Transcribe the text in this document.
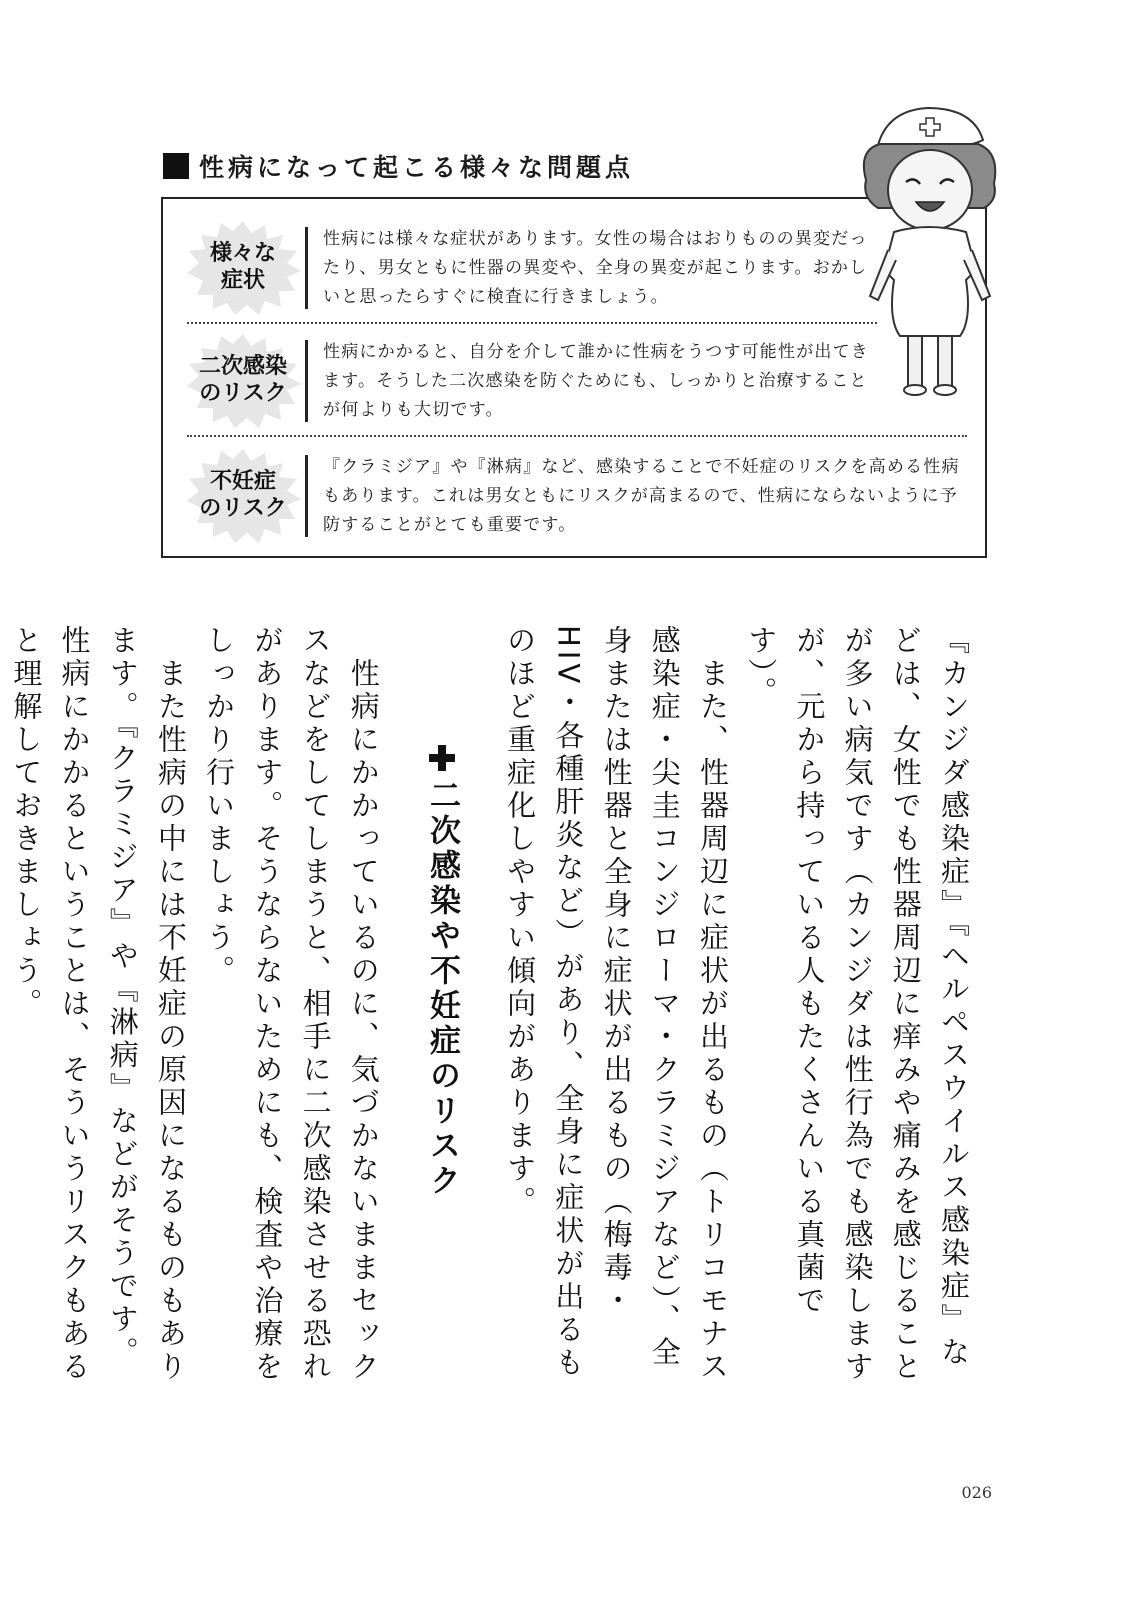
性病になって起こる様々な問題点
様々な
症状
性病には様々な症状があります。女性の場合はおりものの異変だったり、男女ともに性器の異変や、全身の異変が起こります。おかしいと思ったらすぐに検査に行きましょう。
二次感染
のリスク
性病にかかると、自分を介して誰かに性病をうつす可能性が出てきます。そうした二次感染を防ぐためにも、しっかりと治療することが何よりも大切です。
不妊症
のリスク
『クラミジア』や『淋病』など、感染することで不妊症のリスクを高める性病もあります。これは男女ともにリスクが高まるので、性病にならないように予防することがとても重要です。

『カンジダ感染症』『ヘルペスウイルス感染症』などは、女性でも性器周辺に痒みや痛みを感じることが多い病気です（カンジダは性行為でも感染しますが、元から持っている人もたくさんいる真菌です）。

　また、性器周辺に症状が出るもの（トリコモナス感染症・尖圭コンジローマ・クラミジアなど）、全身または性器と全身に症状が出るもの（梅毒・HIV・各種肝炎など）があり、全身に症状が出るものほど重症化しやすい傾向があります。

二次感染や不妊症のリスク

　性病にかかっているのに、気づかないままセックスなどをしてしまうと、相手に二次感染させる恐れがあります。そうならないためにも、検査や治療をしっかり行いましょう。

　また性病の中には不妊症の原因になるものもあります。『クラミジア』や『淋病』などがそうです。性病にかかるということは、そういうリスクもあると理解しておきましょう。

026
